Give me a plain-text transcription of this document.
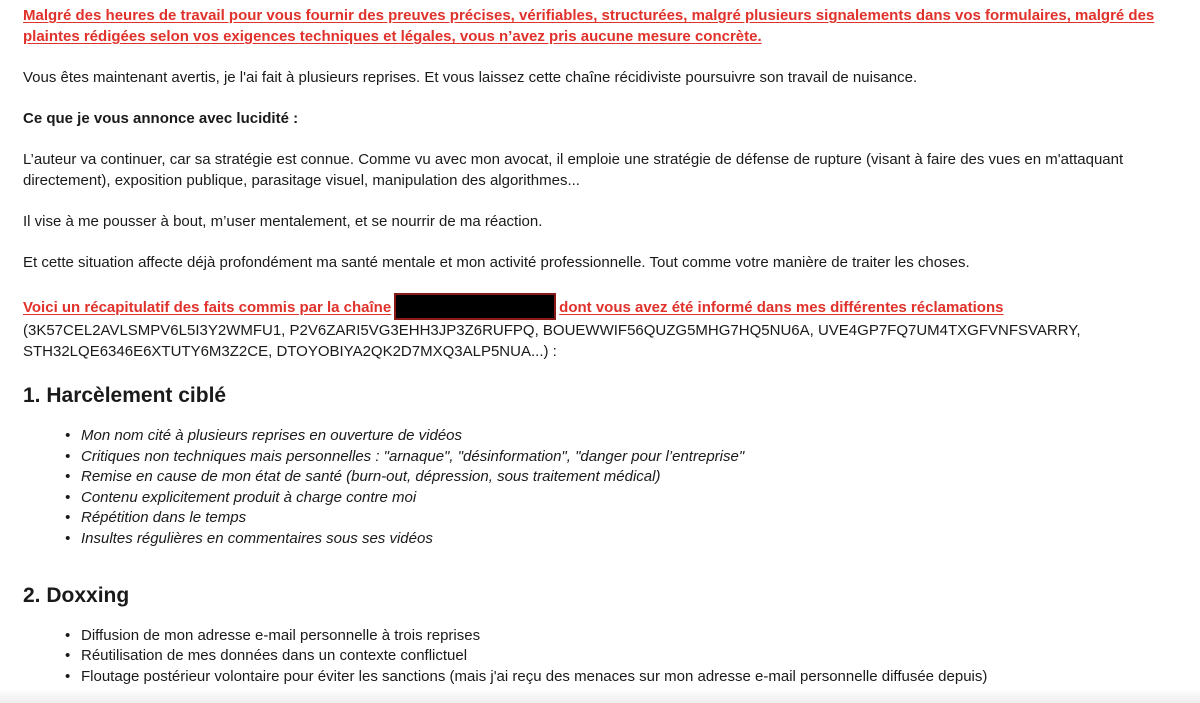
Malgré des heures de travail pour vous fournir des preuves précises, vérifiables, structurées, malgré plusieurs signalements dans vos formulaires, malgré des plaintes rédigées selon vos exigences techniques et légales, vous n’avez pris aucune mesure concrète.

Vous êtes maintenant avertis, je l'ai fait à plusieurs reprises. Et vous laissez cette chaîne récidiviste poursuivre son travail de nuisance.

Ce que je vous annonce avec lucidité :

L’auteur va continuer, car sa stratégie est connue. Comme vu avec mon avocat, il emploie une stratégie de défense de rupture (visant à faire des vues en m'attaquant directement), exposition publique, parasitage visuel, manipulation des algorithmes...

Il vise à me pousser à bout, m’user mentalement, et se nourrir de ma réaction.

Et cette situation affecte déjà profondément ma santé mentale et mon activité professionnelle. Tout comme votre manière de traiter les choses.

Voici un récapitulatif des faits commis par la chaîne	dont vous avez été informé dans mes différentes réclamations (3K57CEL2AVLSMPV6L5I3Y2WMFU1, P2V6ZARI5VG3EHH3JP3Z6RUFPQ, BOUEWWIF56QUZG5MHG7HQ5NU6A, UVE4GP7FQ7UM4TXGFVNFSVARRY, STH32LQE6346E6XTUTY6M3Z2CE, DTOYOBIYA2QK2D7MXQ3ALP5NUA...) :

1. Harcèlement ciblé
• Mon nom cité à plusieurs reprises en ouverture de vidéos
• Critiques non techniques mais personnelles : "arnaque", "désinformation", "danger pour l’entreprise"
• Remise en cause de mon état de santé (burn-out, dépression, sous traitement médical)
• Contenu explicitement produit à charge contre moi
• Répétition dans le temps
• Insultes régulières en commentaires sous ses vidéos
2. Doxxing
• Diffusion de mon adresse e-mail personnelle à trois reprises
• Réutilisation de mes données dans un contexte conflictuel
• Floutage postérieur volontaire pour éviter les sanctions (mais j'ai reçu des menaces sur mon adresse e-mail personnelle diffusée depuis)
